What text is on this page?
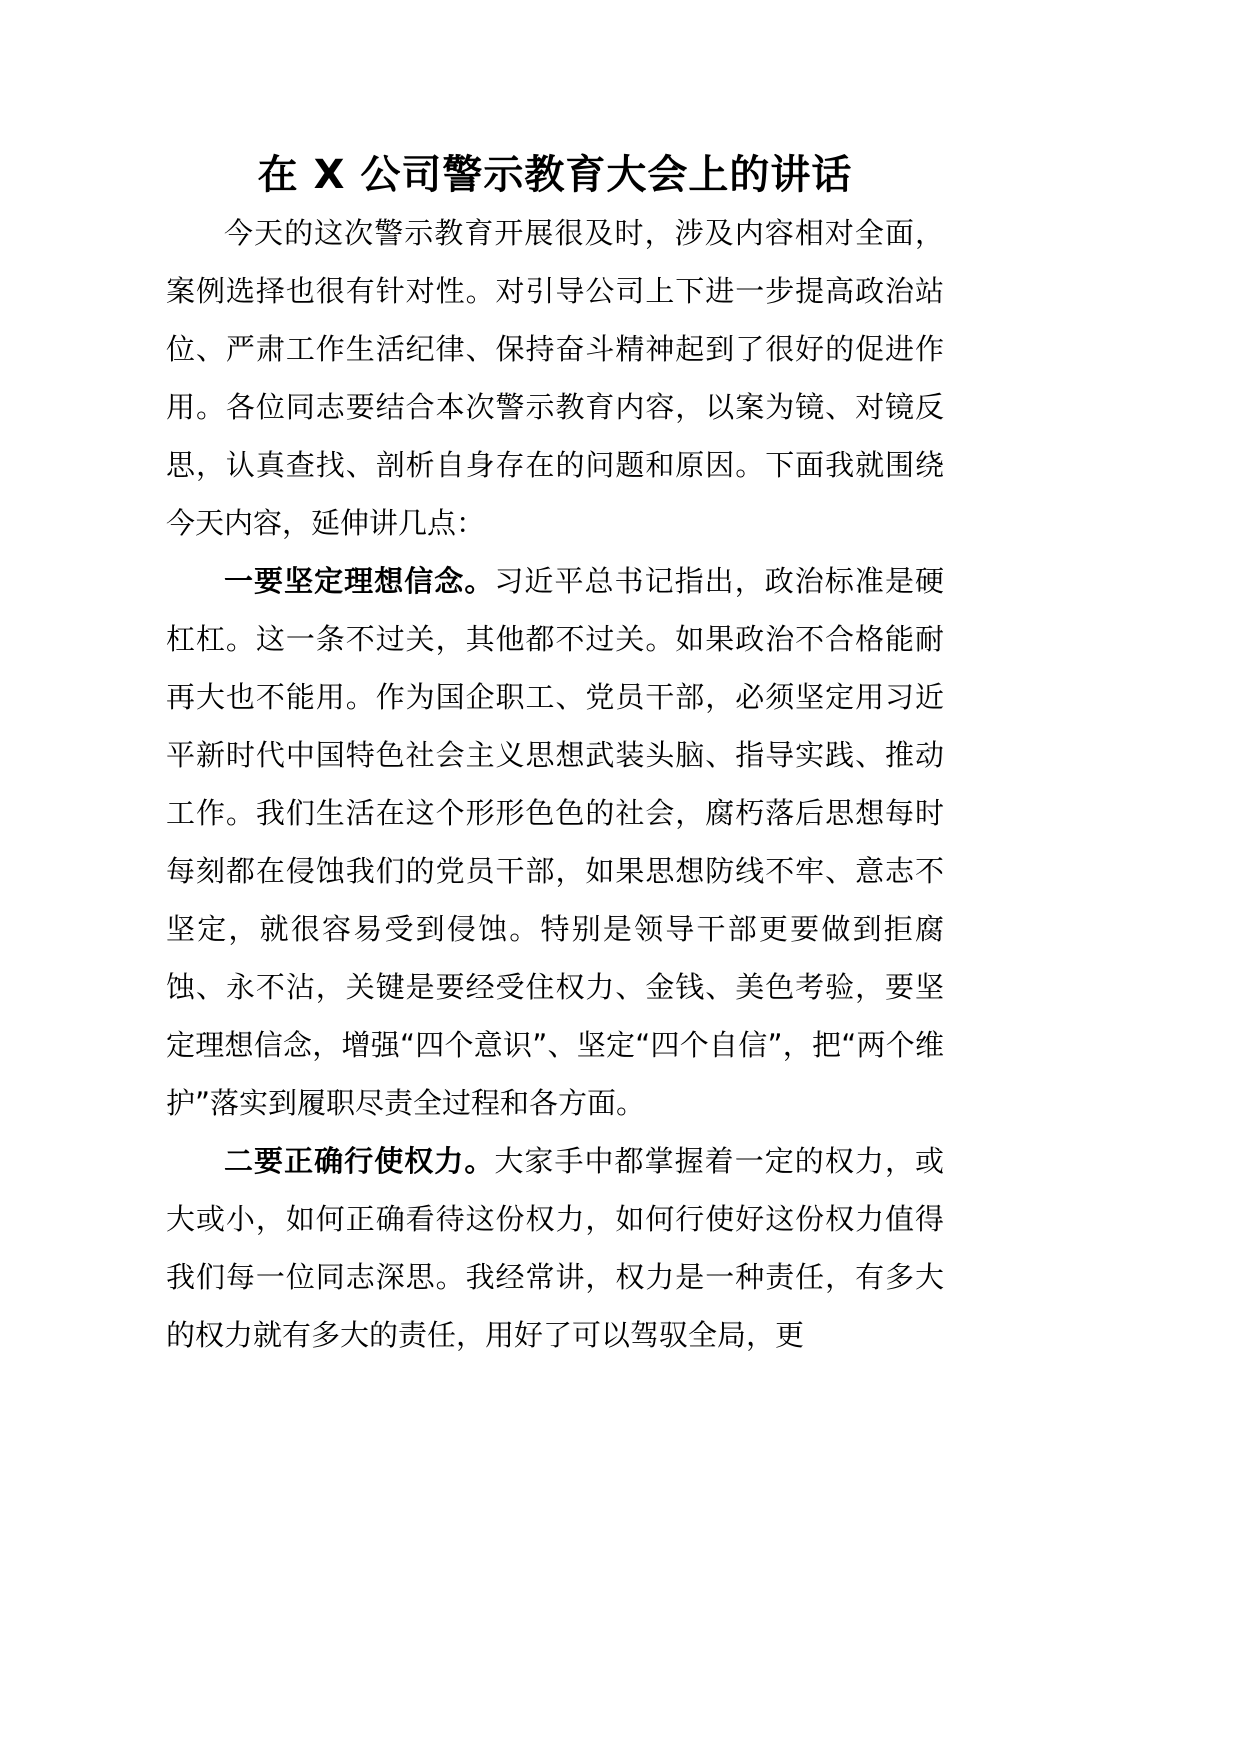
在 X 公司警示教育大会上的讲话

今天的这次警示教育开展很及时，涉及内容相对全面，案例选择也很有针对性。对引导公司上下进一步提高政治站位、严肃工作生活纪律、保持奋斗精神起到了很好的促进作用。各位同志要结合本次警示教育内容，以案为镜、对镜反思，认真查找、剖析自身存在的问题和原因。下面我就围绕今天内容，延伸讲几点：

一要坚定理想信念。习近平总书记指出，政治标准是硬杠杠。这一条不过关，其他都不过关。如果政治不合格能耐再大也不能用。作为国企职工、党员干部，必须坚定用习近平新时代中国特色社会主义思想武装头脑、指导实践、推动工作。我们生活在这个形形色色的社会，腐朽落后思想每时每刻都在侵蚀我们的党员干部，如果思想防线不牢、意志不坚定，就很容易受到侵蚀。特别是领导干部更要做到拒腐蚀、永不沾，关键是要经受住权力、金钱、美色考验，要坚定理想信念，增强“四个意识”、坚定“四个自信”，把“两个维护”落实到履职尽责全过程和各方面。

二要正确行使权力。大家手中都掌握着一定的权力，或大或小，如何正确看待这份权力，如何行使好这份权力值得我们每一位同志深思。我经常讲，权力是一种责任，有多大的权力就有多大的责任，用好了可以驾驭全局，更
